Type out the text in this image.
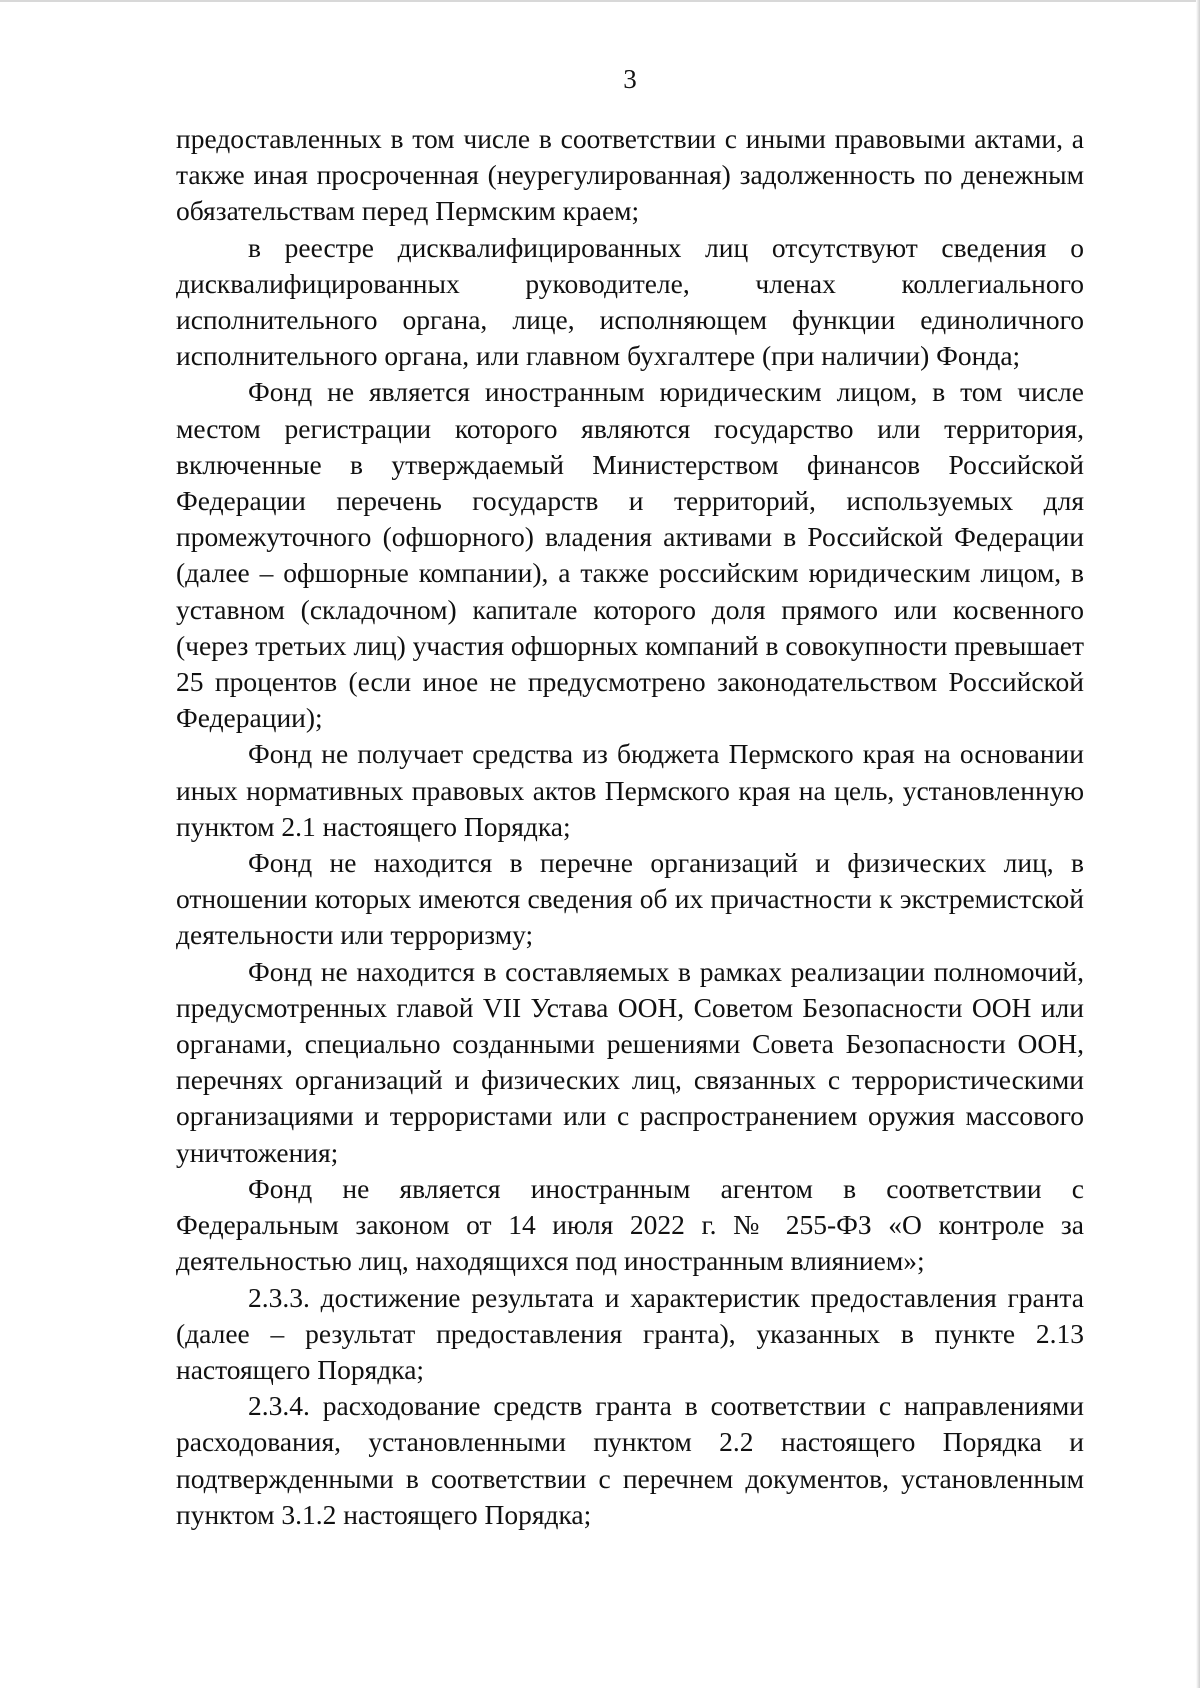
3

предоставленных в том числе в соответствии с иными правовыми актами, а также иная просроченная (неурегулированная) задолженность по денежным обязательствам перед Пермским краем;

в реестре дисквалифицированных лиц отсутствуют сведения о дисквалифицированных руководителе, членах коллегиального исполнительного органа, лице, исполняющем функции единоличного исполнительного органа, или главном бухгалтере (при наличии) Фонда;

Фонд не является иностранным юридическим лицом, в том числе местом регистрации которого являются государство или территория, включенные в утверждаемый Министерством финансов Российской Федерации перечень государств и территорий, используемых для промежуточного (офшорного) владения активами в Российской Федерации (далее – офшорные компании), а также российским юридическим лицом, в уставном (складочном) капитале которого доля прямого или косвенного (через третьих лиц) участия офшорных компаний в совокупности превышает 25 процентов (если иное не предусмотрено законодательством Российской Федерации);

Фонд не получает средства из бюджета Пермского края на основании иных нормативных правовых актов Пермского края на цель, установленную пунктом 2.1 настоящего Порядка;

Фонд не находится в перечне организаций и физических лиц, в отношении которых имеются сведения об их причастности к экстремистской деятельности или терроризму;

Фонд не находится в составляемых в рамках реализации полномочий, предусмотренных главой VII Устава ООН, Советом Безопасности ООН или органами, специально созданными решениями Совета Безопасности ООН, перечнях организаций и физических лиц, связанных с террористическими организациями и террористами или с распространением оружия массового уничтожения;

Фонд не является иностранным агентом в соответствии с Федеральным законом от 14 июля 2022 г. № 255-ФЗ «О контроле за деятельностью лиц, находящихся под иностранным влиянием»;

2.3.3. достижение результата и характеристик предоставления гранта (далее – результат предоставления гранта), указанных в пункте 2.13 настоящего Порядка;

2.3.4. расходование средств гранта в соответствии с направлениями расходования, установленными пунктом 2.2 настоящего Порядка и подтвержденными в соответствии с перечнем документов, установленным пунктом 3.1.2 настоящего Порядка;
